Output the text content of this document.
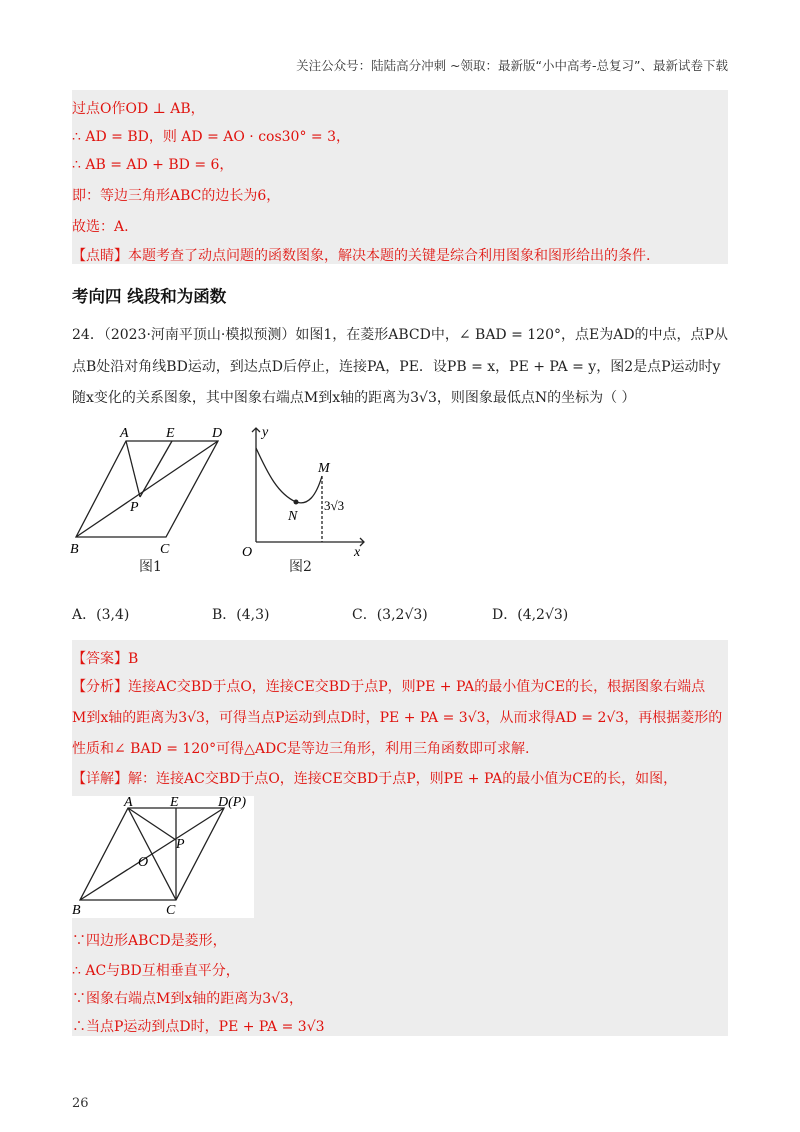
关注公众号：陆陆高分冲刺 ~领取：最新版“小中高考-总复习”、最新试卷下载
过点O作OD ⊥ AB，
∴ AD = BD，则 AD = AO · cos30° = 3，
∴ AB = AD + BD = 6，
即：等边三角形ABC的边长为6，
故选：A.
【点睛】本题考查了动点问题的函数图象，解决本题的关键是综合利用图象和图形给出的条件.
考向四 线段和为函数
24．（2023·河南平顶山·模拟预测）如图1，在菱形ABCD中，∠ BAD = 120°，点E为AD的中点，点P从
点B处沿对角线BD运动，到达点D后停止，连接PA，PE．设PB = x，PE + PA = y，图2是点P运动时y
随x变化的关系图象，其中图象右端点M到x轴的距离为3√3，则图象最低点N的坐标为（ ）
A	E	D
P
B	C
图1
y
x
O
M
N
3√3
图2
A．(3,4)	B．(4,3)	C．(3,2√3)	D．(4,2√3)
【答案】B
【分析】连接AC交BD于点O，连接CE交BD于点P，则PE + PA的最小值为CE的长，根据图象右端点
M到x轴的距离为3√3，可得当点P运动到点D时，PE + PA = 3√3，从而求得AD = 2√3，再根据菱形的
性质和∠ BAD = 120°可得△ADC是等边三角形，利用三角函数即可求解.
【详解】解：连接AC交BD于点O，连接CE交BD于点P，则PE + PA的最小值为CE的长，如图，
A	E	D(P)
P
O
B	C
∵四边形ABCD是菱形，
∴ AC与BD互相垂直平分，
∵图象右端点M到x轴的距离为3√3，
∴当点P运动到点D时，PE + PA = 3√3
26
